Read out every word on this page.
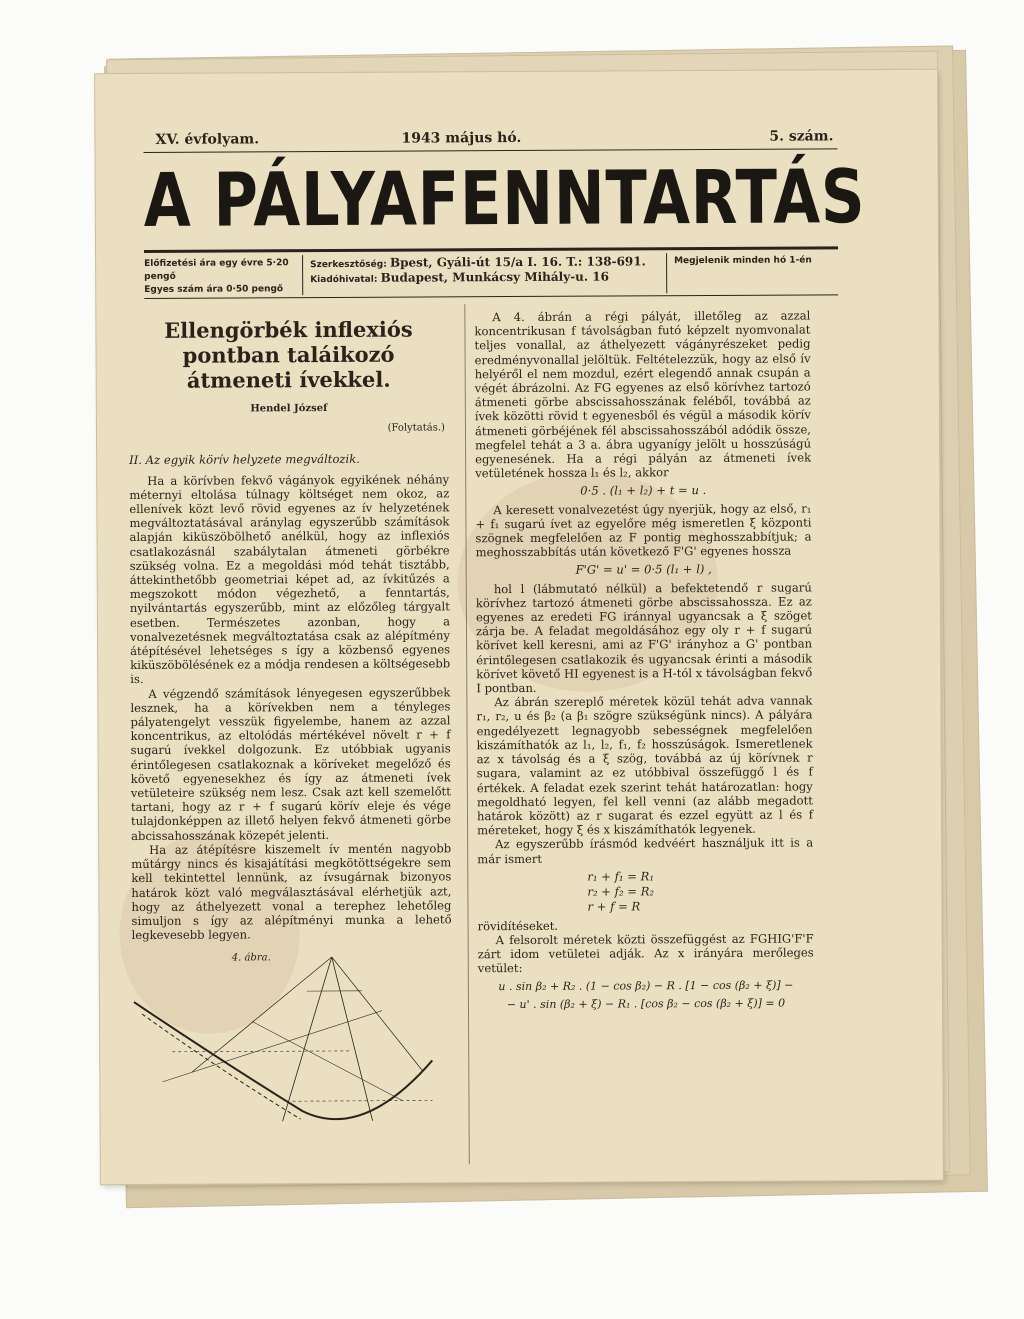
XV. évfolyam.	1943 május hó.	5. szám.
A PÁLYAFENNTARTÁS
Előfizetési ára egy évre 5·20 pengő
Egyes szám ára 0·50 pengő
Szerkesztőség: Bpest, Gyáli-út 15/a I. 16. T.: 138-691.
Kiadóhivatal: Budapest, Munkácsy Mihály-u. 16
Megjelenik minden hó 1-én
Ellengörbék inflexiós pontban taláikozó átmeneti ívekkel.
Hendel József
(Folytatás.)
II. Az egyik körív helyzete megváltozik.

Ha a körívben fekvő vágányok egyikének néhány méternyi eltolása túlnagy költséget nem okoz, az ellenívek közt levő rövid egyenes az ív helyzetének megváltoztatásával aránylag egyszerűbb számítások alapján kiküszöbölhető anélkül, hogy az inflexiós csatlakozásnál szabálytalan átmeneti görbékre szükség volna. Ez a megoldási mód tehát tisztább, áttekinthetőbb geometriai képet ad, az ívkitűzés a megszokott módon végezhető, a fenntartás, nyilvántartás egyszerűbb, mint az előzőleg tárgyalt esetben. Természetes azonban, hogy a vonalvezetésnek megváltoztatása csak az alépítmény átépítésével lehetséges s így a közbenső egyenes kiküszöbölésének ez a módja rendesen a költségesebb is.

A végzendő számítások lényegesen egyszerűbbek lesznek, ha a körívekben nem a tényleges pályatengelyt vesszük figyelembe, hanem az azzal koncentrikus, az eltolódás mértékével növelt r + f sugarú ívekkel dolgozunk. Ez utóbbiak ugyanis érintőlegesen csatlakoznak a köríveket megelőző és követő egyenesekhez és így az átmeneti ívek vetületeire szükség nem lesz. Csak azt kell szemelőtt tartani, hogy az r + f sugarú körív eleje és vége tulajdonképpen az illető helyen fekvő átmeneti görbe abcissahosszának közepét jelenti.

Ha az átépítésre kiszemelt ív mentén nagyobb műtárgy nincs és kisajátítási megkötöttségekre sem kell tekintettel lennünk, az ívsugárnak bizonyos határok közt való megválasztásával elérhetjük azt, hogy az áthelyezett vonal a terephez lehetőleg simuljon s így az alépítményi munka a lehető legkevesebb legyen.

4. ábra.

A 4. ábrán a régi pályát, illetőleg az azzal koncentrikusan f távolságban futó képzelt nyomvonalat teljes vonallal, az áthelyezett vágányrészeket pedig eredményvonallal jelöltük. Feltételezzük, hogy az első ív helyéről el nem mozdul, ezért elegendő annak csupán a végét ábrázolni. Az FG egyenes az első körívhez tartozó átmeneti görbe abscissahosszának feléből, továbbá az ívek közötti rövid t egyenesből és végül a második körív átmeneti görbéjének fél abscissahosszából adódik össze, megfelel tehát a 3 a. ábra ugyanígy jelölt u hosszúságú egyenesének. Ha a régi pályán az átmeneti ívek vetületének hossza l₁ és l₂, akkor

0·5 . (l₁ + l₂) + t = u .

A keresett vonalvezetést úgy nyerjük, hogy az első, r₁ + f₁ sugarú ívet az egyelőre még ismeretlen ξ központi szögnek megfelelően az F pontig meghosszabbítjuk; a meghosszabbítás után következő F'G' egyenes hossza

F'G' = u' = 0·5 (l₁ + l) ,

hol l (lábmutató nélkül) a befektetendő r sugarú körívhez tartozó átmeneti görbe abscissahossza. Ez az egyenes az eredeti FG iránnyal ugyancsak a ξ szöget zárja be. A feladat megoldásához egy oly r + f sugarú körívet kell keresni, ami az F'G' irányhoz a G' pontban érintőlegesen csatlakozik és ugyancsak érinti a második körívet követő HI egyenest is a H-tól x távolságban fekvő I pontban.

Az ábrán szereplő méretek közül tehát adva vannak r₁, r₂, u és β₂ (a β₁ szögre szükségünk nincs). A pályára engedélyezett legnagyobb sebességnek megfelelően kiszámíthatók az l₁, l₂, f₁, f₂ hosszúságok. Ismeretlenek az x távolság és a ξ szög, továbbá az új körívnek r sugara, valamint az ez utóbbival összefüggő l és f értékek. A feladat ezek szerint tehát határozatlan: hogy megoldható legyen, fel kell venni (az alább megadott határok között) az r sugarat és ezzel együtt az l és f méreteket, hogy ξ és x kiszámíthatók legyenek.

Az egyszerűbb írásmód kedvéért használjuk itt is a már ismert

r₁ + f₁ = R₁
r₂ + f₂ = R₂
r + f = R

rövidítéseket.

A felsorolt méretek közti összefüggést az FGHIG'F'F zárt idom vetületei adják. Az x irányára merőleges vetület:

u . sin β₂ + R₂ . (1 − cos β₂) − R . [1 − cos (β₂ + ξ)] −
− u' . sin (β₂ + ξ) − R₁ . [cos β₂ − cos (β₂ + ξ)] = 0
